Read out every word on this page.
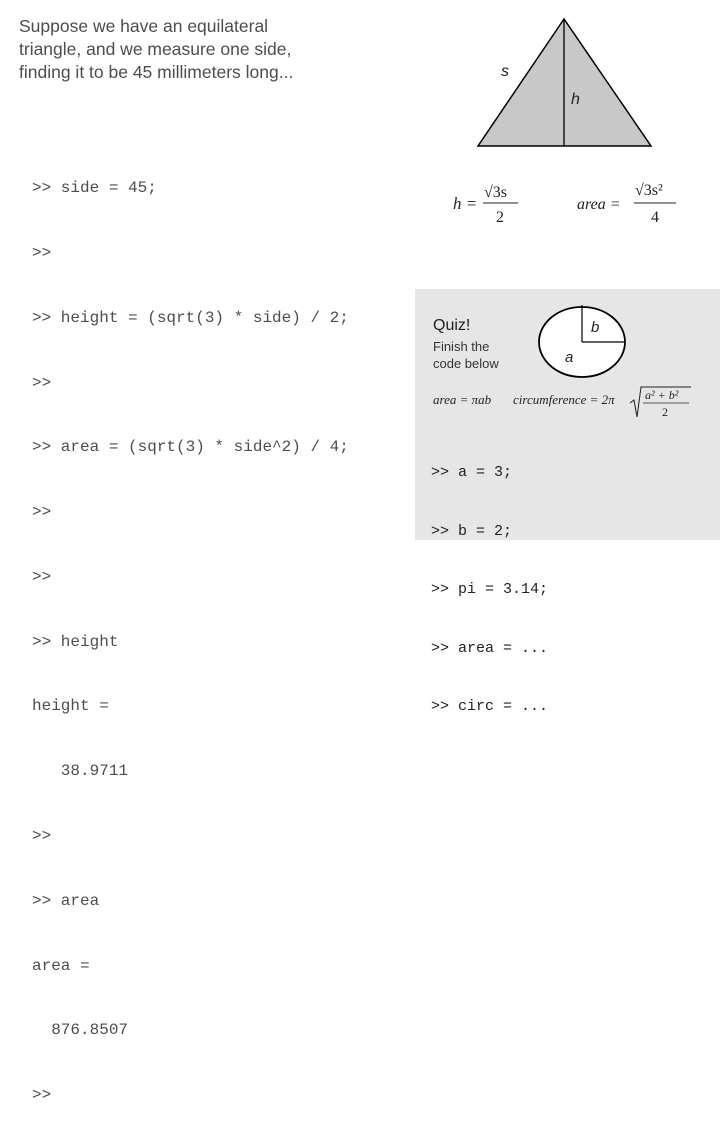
Suppose we have an equilateral
triangle, and we measure one side,
finding it to be 45 millimeters long...

>> side = 45;

>>

>> height = (sqrt(3) * side) / 2;

>>

>> area = (sqrt(3) * side^2) / 4;

>>

>>

>> height

height =

38.9711

>>

>> area

area =

876.8507

>>

s
h
h =
√3s
2
area =
√3s²
4
Quiz!
Finish the
code below
b
a
area = πab circumference = 2π	a² + b²
2

>> a = 3;

>> b = 2;

>> pi = 3.14;

>> area = ...

>> circ = ...
